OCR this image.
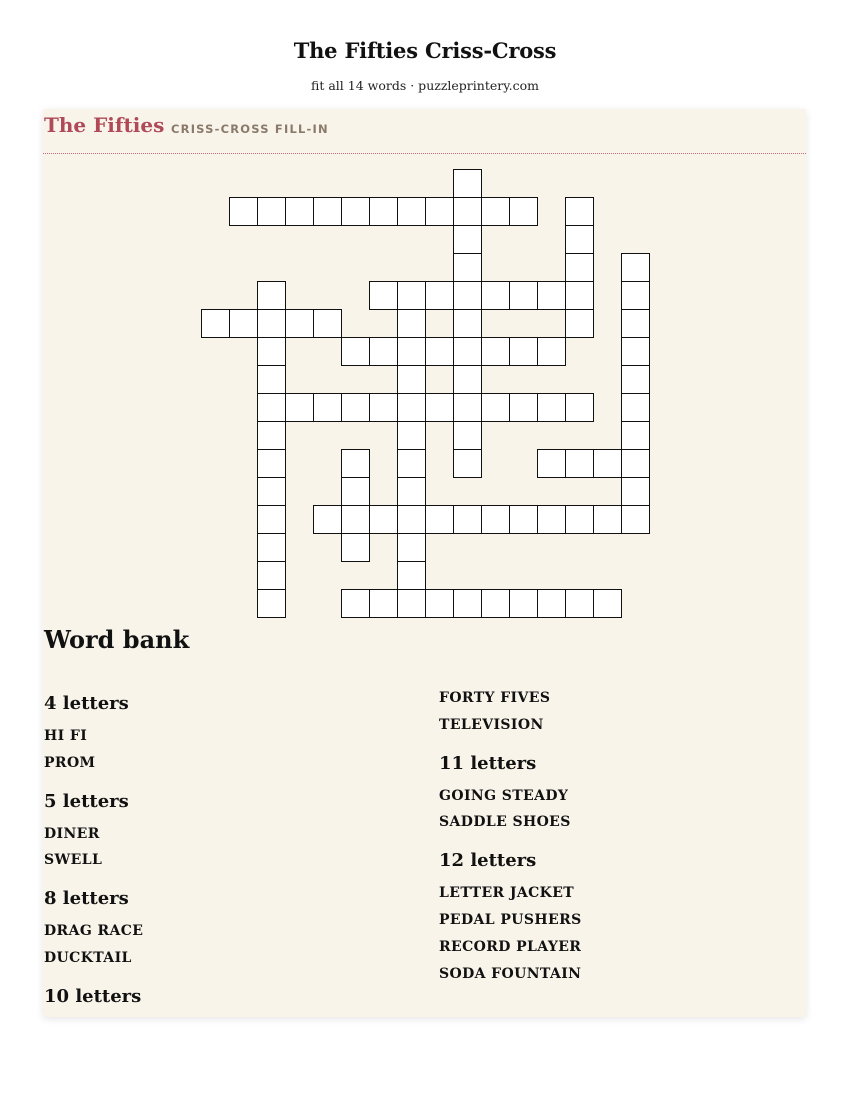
The Fifties Criss-Cross
fit all 14 words · puzzleprintery.com
The Fifties CRISS-CROSS FILL-IN
Word bank
4 letters
HI FI
PROM
5 letters
DINER
SWELL
8 letters
DRAG RACE
DUCKTAIL
10 letters
FORTY FIVES
TELEVISION
11 letters
GOING STEADY
SADDLE SHOES
12 letters
LETTER JACKET
PEDAL PUSHERS
RECORD PLAYER
SODA FOUNTAIN
